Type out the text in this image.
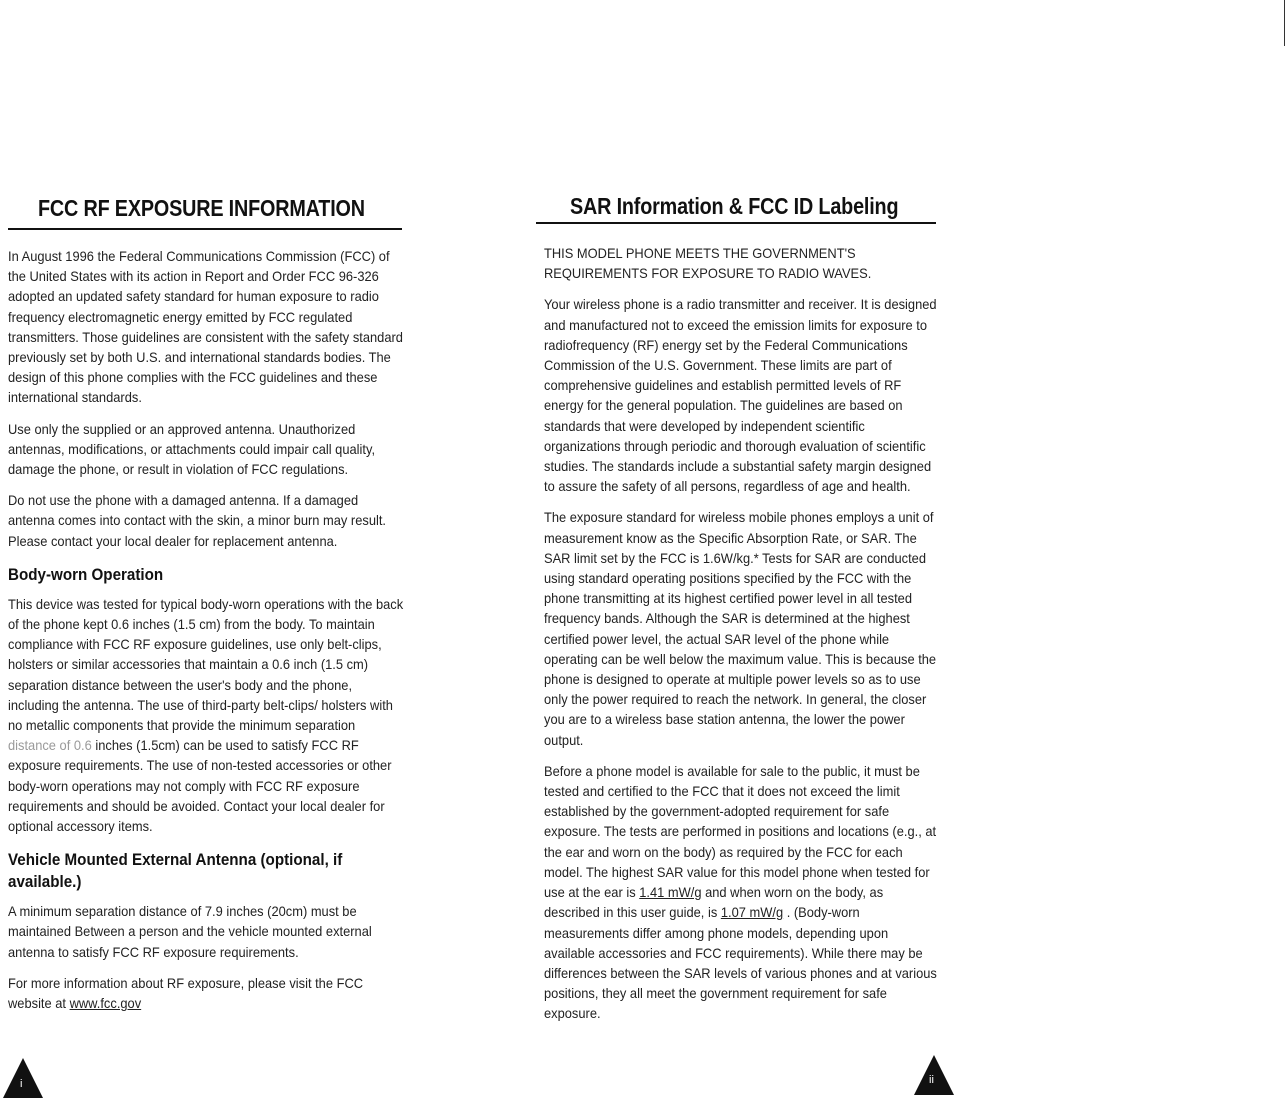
FCC RF EXPOSURE INFORMATION

In August 1996 the Federal Communications Commission (FCC) of the United States with its action in Report and Order FCC 96-326 adopted an updated safety standard for human exposure to radio frequency electromagnetic energy emitted by FCC regulated transmitters. Those guidelines are consistent with the safety standard previously set by both U.S. and international standards bodies. The design of this phone complies with the FCC guidelines and these international standards.

Use only the supplied or an approved antenna. Unauthorized antennas, modifications, or attachments could impair call quality, damage the phone, or result in violation of FCC regulations.

Do not use the phone with a damaged antenna. If a damaged antenna comes into contact with the skin, a minor burn may result. Please contact your local dealer for replacement antenna.

Body-worn Operation

This device was tested for typical body-worn operations with the back of the phone kept 0.6 inches (1.5 cm) from the body. To maintain compliance with FCC RF exposure guidelines, use only belt-clips, holsters or similar accessories that maintain a 0.6 inch (1.5 cm) separation distance between the user's body and the phone, including the antenna. The use of third-party belt-clips/ holsters with no metallic components that provide the minimum separation distance of 0.6 inches (1.5cm) can be used to satisfy FCC RF exposure requirements. The use of non-tested accessories or other body-worn operations may not comply with FCC RF exposure requirements and should be avoided. Contact your local dealer for optional accessory items.

Vehicle Mounted External Antenna (optional, if available.)

A minimum separation distance of 7.9 inches (20cm) must be maintained Between a person and the vehicle mounted external antenna to satisfy FCC RF exposure requirements.

For more information about RF exposure, please visit the FCC website at www.fcc.gov

i
SAR Information & FCC ID Labeling

THIS MODEL PHONE MEETS THE GOVERNMENT'S REQUIREMENTS FOR EXPOSURE TO RADIO WAVES.

Your wireless phone is a radio transmitter and receiver. It is designed and manufactured not to exceed the emission limits for exposure to radiofrequency (RF) energy set by the Federal Communications Commission of the U.S. Government. These limits are part of comprehensive guidelines and establish permitted levels of RF energy for the general population. The guidelines are based on standards that were developed by independent scientific organizations through periodic and thorough evaluation of scientific studies. The standards include a substantial safety margin designed to assure the safety of all persons, regardless of age and health.

The exposure standard for wireless mobile phones employs a unit of measurement know as the Specific Absorption Rate, or SAR. The SAR limit set by the FCC is 1.6W/kg.* Tests for SAR are conducted using standard operating positions specified by the FCC with the phone transmitting at its highest certified power level in all tested frequency bands. Although the SAR is determined at the highest certified power level, the actual SAR level of the phone while operating can be well below the maximum value. This is because the phone is designed to operate at multiple power levels so as to use only the power required to reach the network. In general, the closer you are to a wireless base station antenna, the lower the power output.

Before a phone model is available for sale to the public, it must be tested and certified to the FCC that it does not exceed the limit established by the government-adopted requirement for safe exposure. The tests are performed in positions and locations (e.g., at the ear and worn on the body) as required by the FCC for each model. The highest SAR value for this model phone when tested for use at the ear is 1.41 mW/g and when worn on the body, as described in this user guide, is 1.07 mW/g . (Body-worn measurements differ among phone models, depending upon available accessories and FCC requirements). While there may be differences between the SAR levels of various phones and at various positions, they all meet the government requirement for safe exposure.

ii
